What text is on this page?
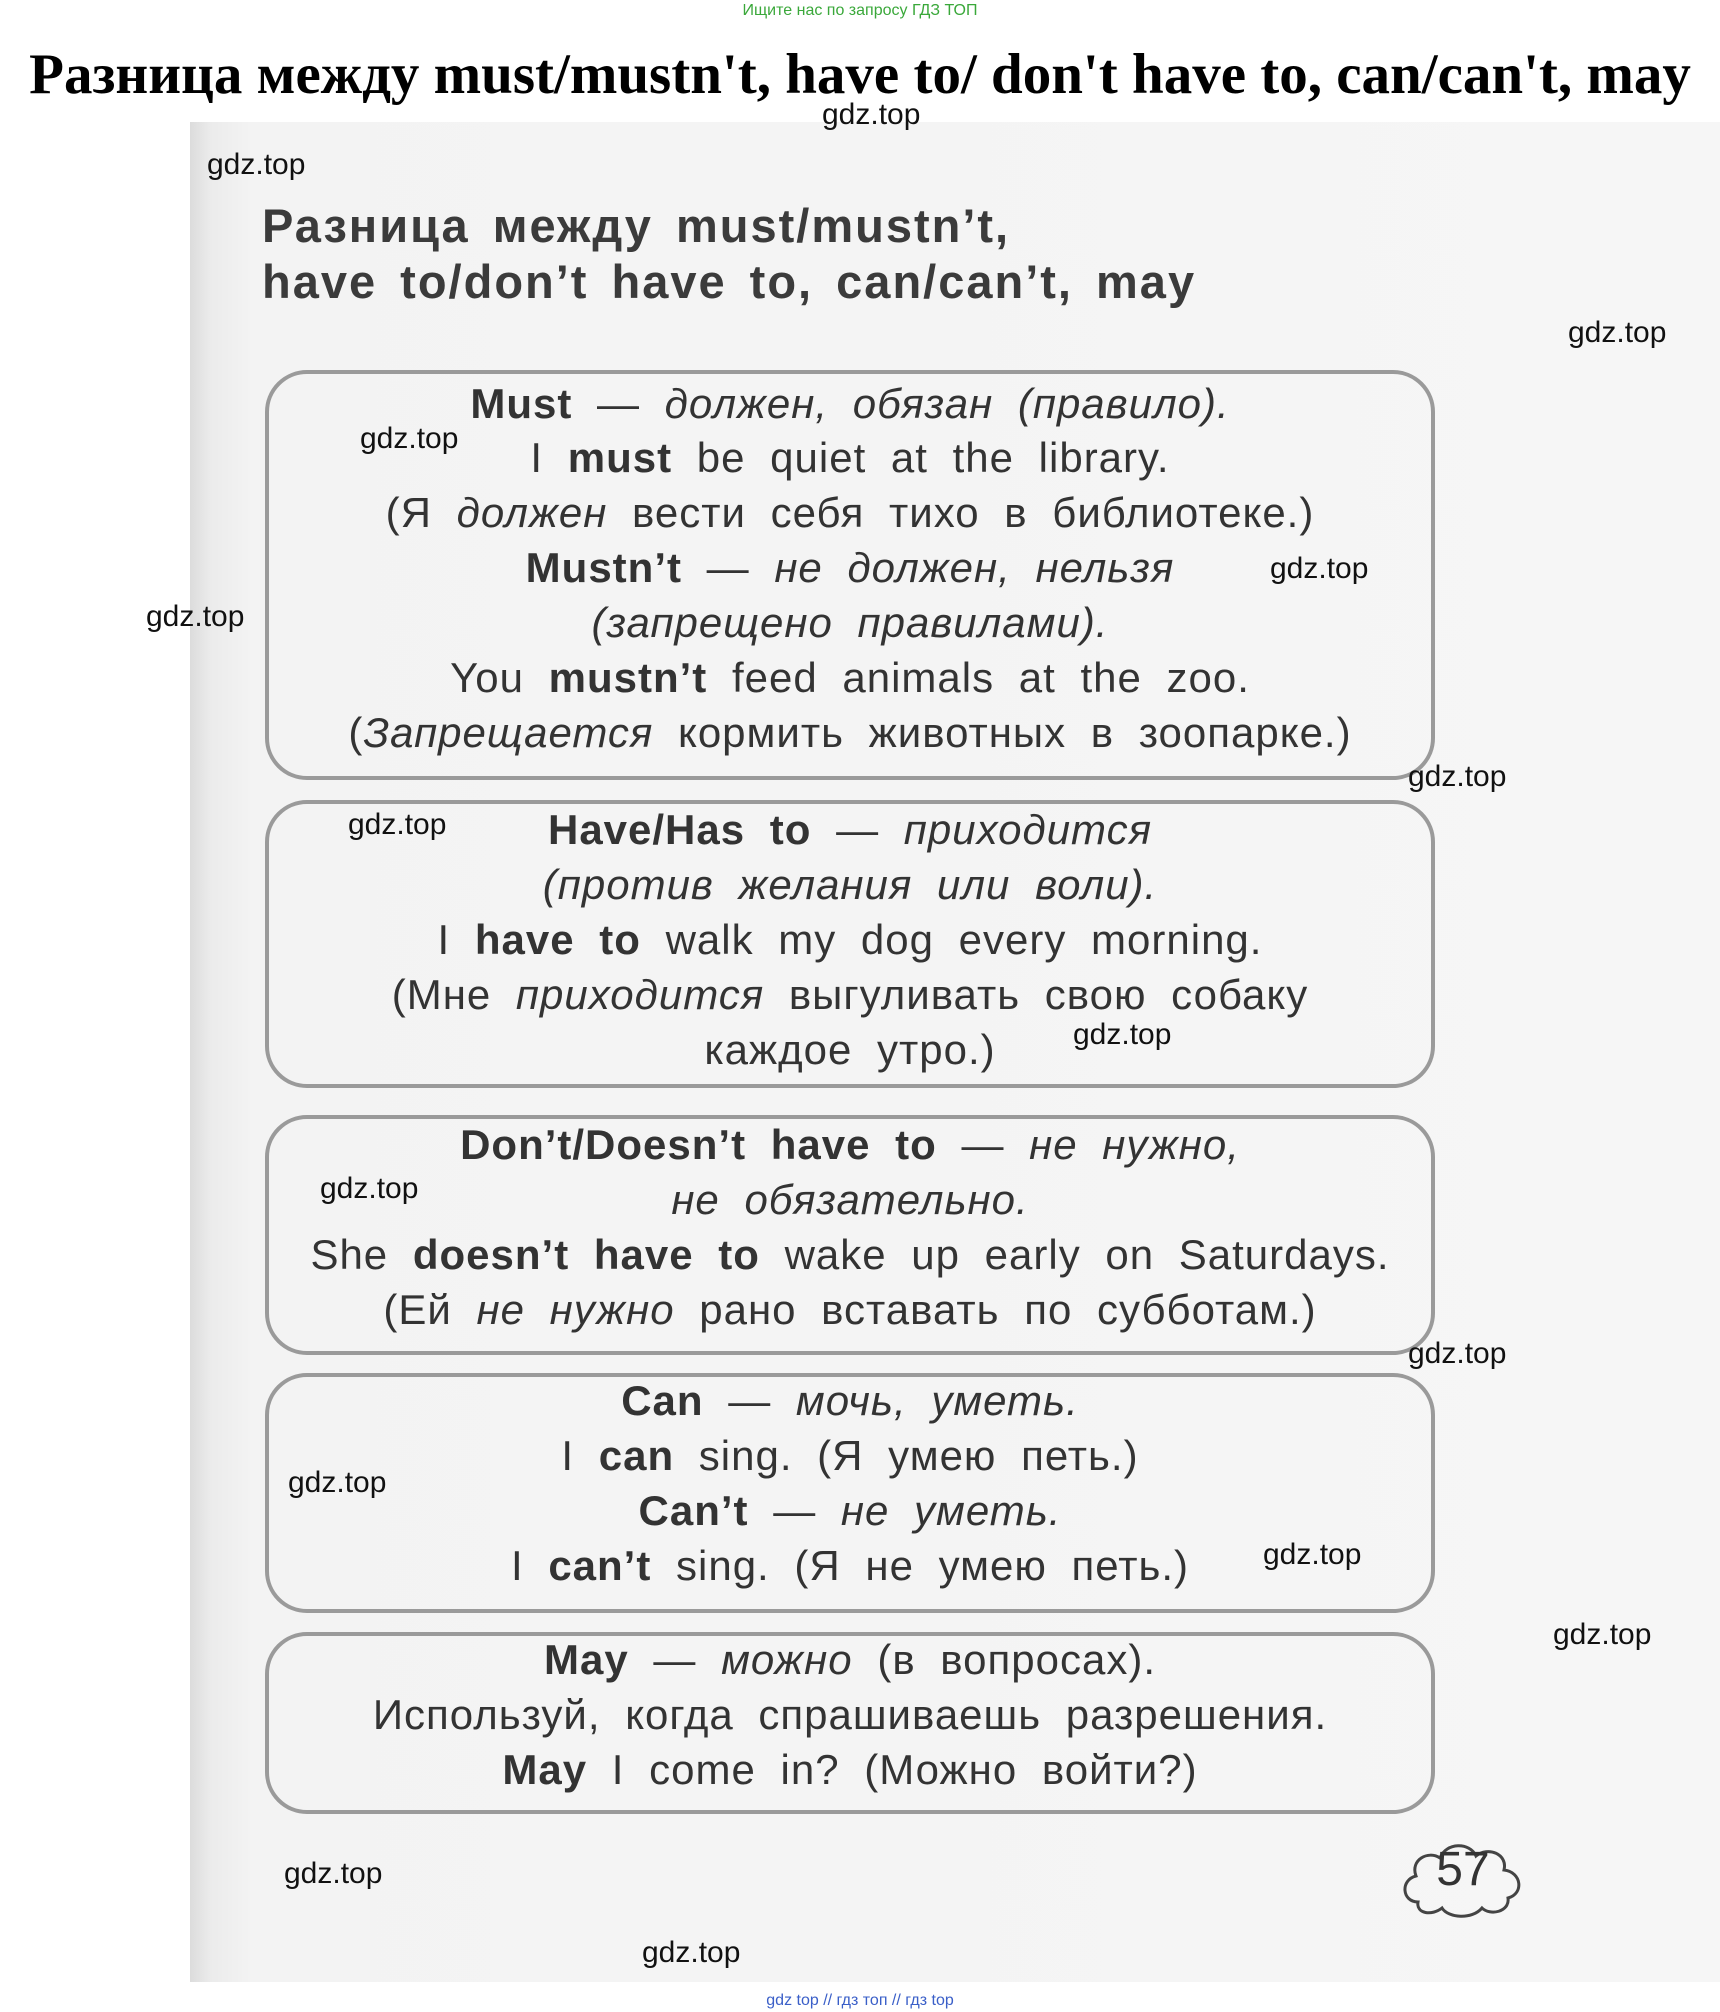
Ищите нас по запросу ГДЗ ТОП
Разница между must/mustn't, have to/ don't have to, can/can't, may
Разница между must/mustn’t,
have to/don’t have to, can/can’t, may
Must — должен, обязан (правило).
I must be quiet at the library.
(Я должен вести себя тихо в библиотеке.)
Mustn’t — не должен, нельзя
(запрещено правилами).
You mustn’t feed animals at the zoo.
(Запрещается кормить животных в зоопарке.)
Have/Has to — приходится
(против желания или воли).
I have to walk my dog every morning.
(Мне приходится выгуливать свою собаку
каждое утро.)
Don’t/Doesn’t have to — не нужно,
не обязательно.
She doesn’t have to wake up early on Saturdays.
(Ей не нужно рано вставать по субботам.)
Can — мочь, уметь.
I can sing. (Я умею петь.)
Can’t — не уметь.
I can’t sing. (Я не умею петь.)
May — можно (в вопросах).
Используй, когда спрашиваешь разрешения.
May I come in? (Можно войти?)
57
gdz.top
gdz.top
gdz.top
gdz.top
gdz.top
gdz.top
gdz.top
gdz.top
gdz.top
gdz.top
gdz.top
gdz.top
gdz.top
gdz.top
gdz.top
gdz.top
gdz top // гдз топ // гдз top
